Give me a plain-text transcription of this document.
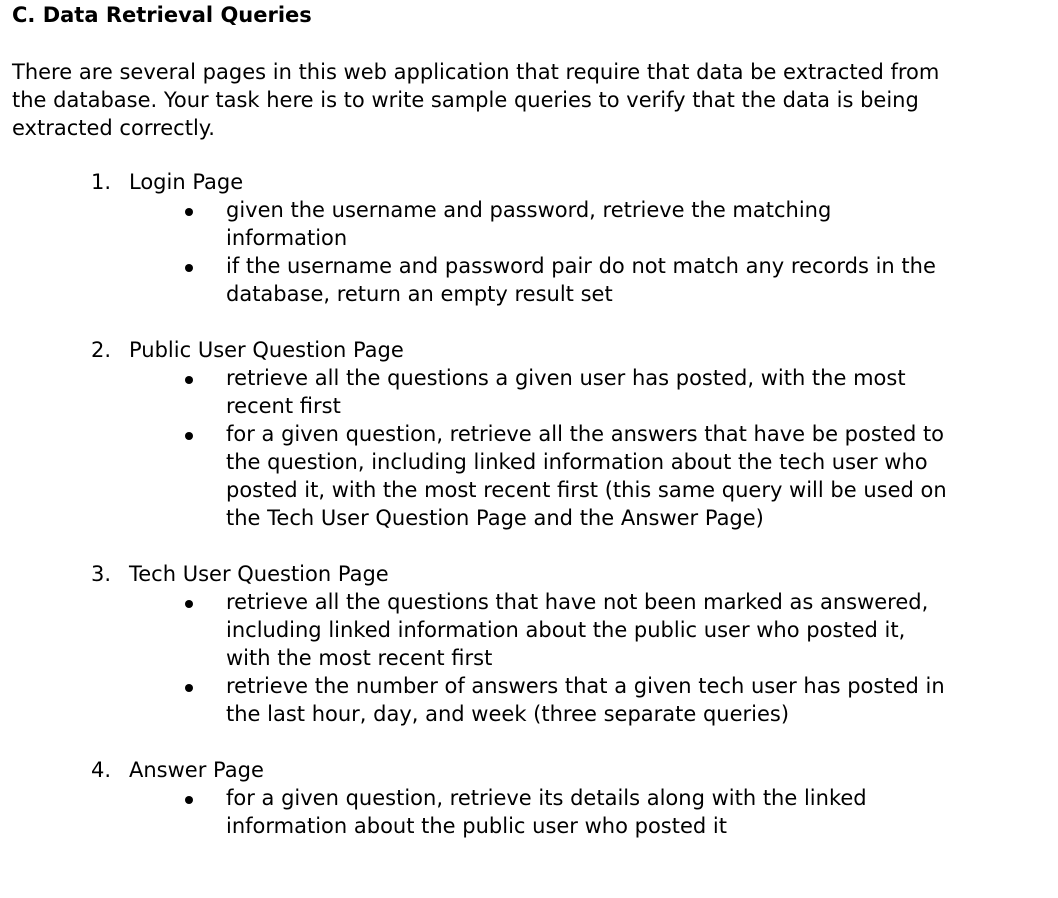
C. Data Retrieval Queries
There are several pages in this web application that require that data be extracted from
the database. Your task here is to write sample queries to verify that the data is being
extracted correctly.
1. Login Page
given the username and password, retrieve the matching
information
if the username and password pair do not match any records in the
database, return an empty result set
2. Public User Question Page
retrieve all the questions a given user has posted, with the most
recent first
for a given question, retrieve all the answers that have be posted to
the question, including linked information about the tech user who
posted it, with the most recent first (this same query will be used on
the Tech User Question Page and the Answer Page)
3. Tech User Question Page
retrieve all the questions that have not been marked as answered,
including linked information about the public user who posted it,
with the most recent first
retrieve the number of answers that a given tech user has posted in
the last hour, day, and week (three separate queries)
4. Answer Page
for a given question, retrieve its details along with the linked
information about the public user who posted it
